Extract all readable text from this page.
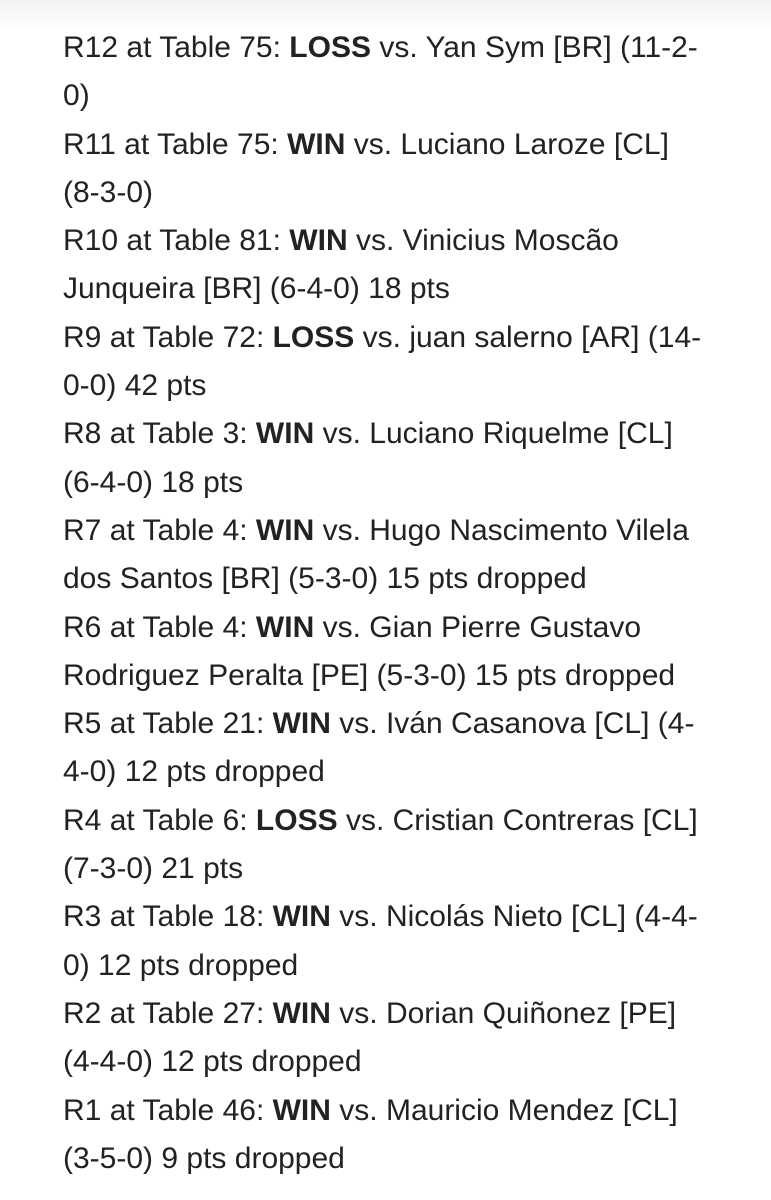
R12 at Table 75: LOSS vs. Yan Sym [BR] (11-2-0)
R11 at Table 75: WIN vs. Luciano Laroze [CL] (8-3-0)
R10 at Table 81: WIN vs. Vinicius Moscão Junqueira [BR] (6-4-0) 18 pts
R9 at Table 72: LOSS vs. juan salerno [AR] (14-0-0) 42 pts
R8 at Table 3: WIN vs. Luciano Riquelme [CL] (6-4-0) 18 pts
R7 at Table 4: WIN vs. Hugo Nascimento Vilela dos Santos [BR] (5-3-0) 15 pts dropped
R6 at Table 4: WIN vs. Gian Pierre Gustavo Rodriguez Peralta [PE] (5-3-0) 15 pts dropped
R5 at Table 21: WIN vs. Iván Casanova [CL] (4-4-0) 12 pts dropped
R4 at Table 6: LOSS vs. Cristian Contreras [CL] (7-3-0) 21 pts
R3 at Table 18: WIN vs. Nicolás Nieto [CL] (4-4-0) 12 pts dropped
R2 at Table 27: WIN vs. Dorian Quiñonez [PE] (4-4-0) 12 pts dropped
R1 at Table 46: WIN vs. Mauricio Mendez [CL] (3-5-0) 9 pts dropped
